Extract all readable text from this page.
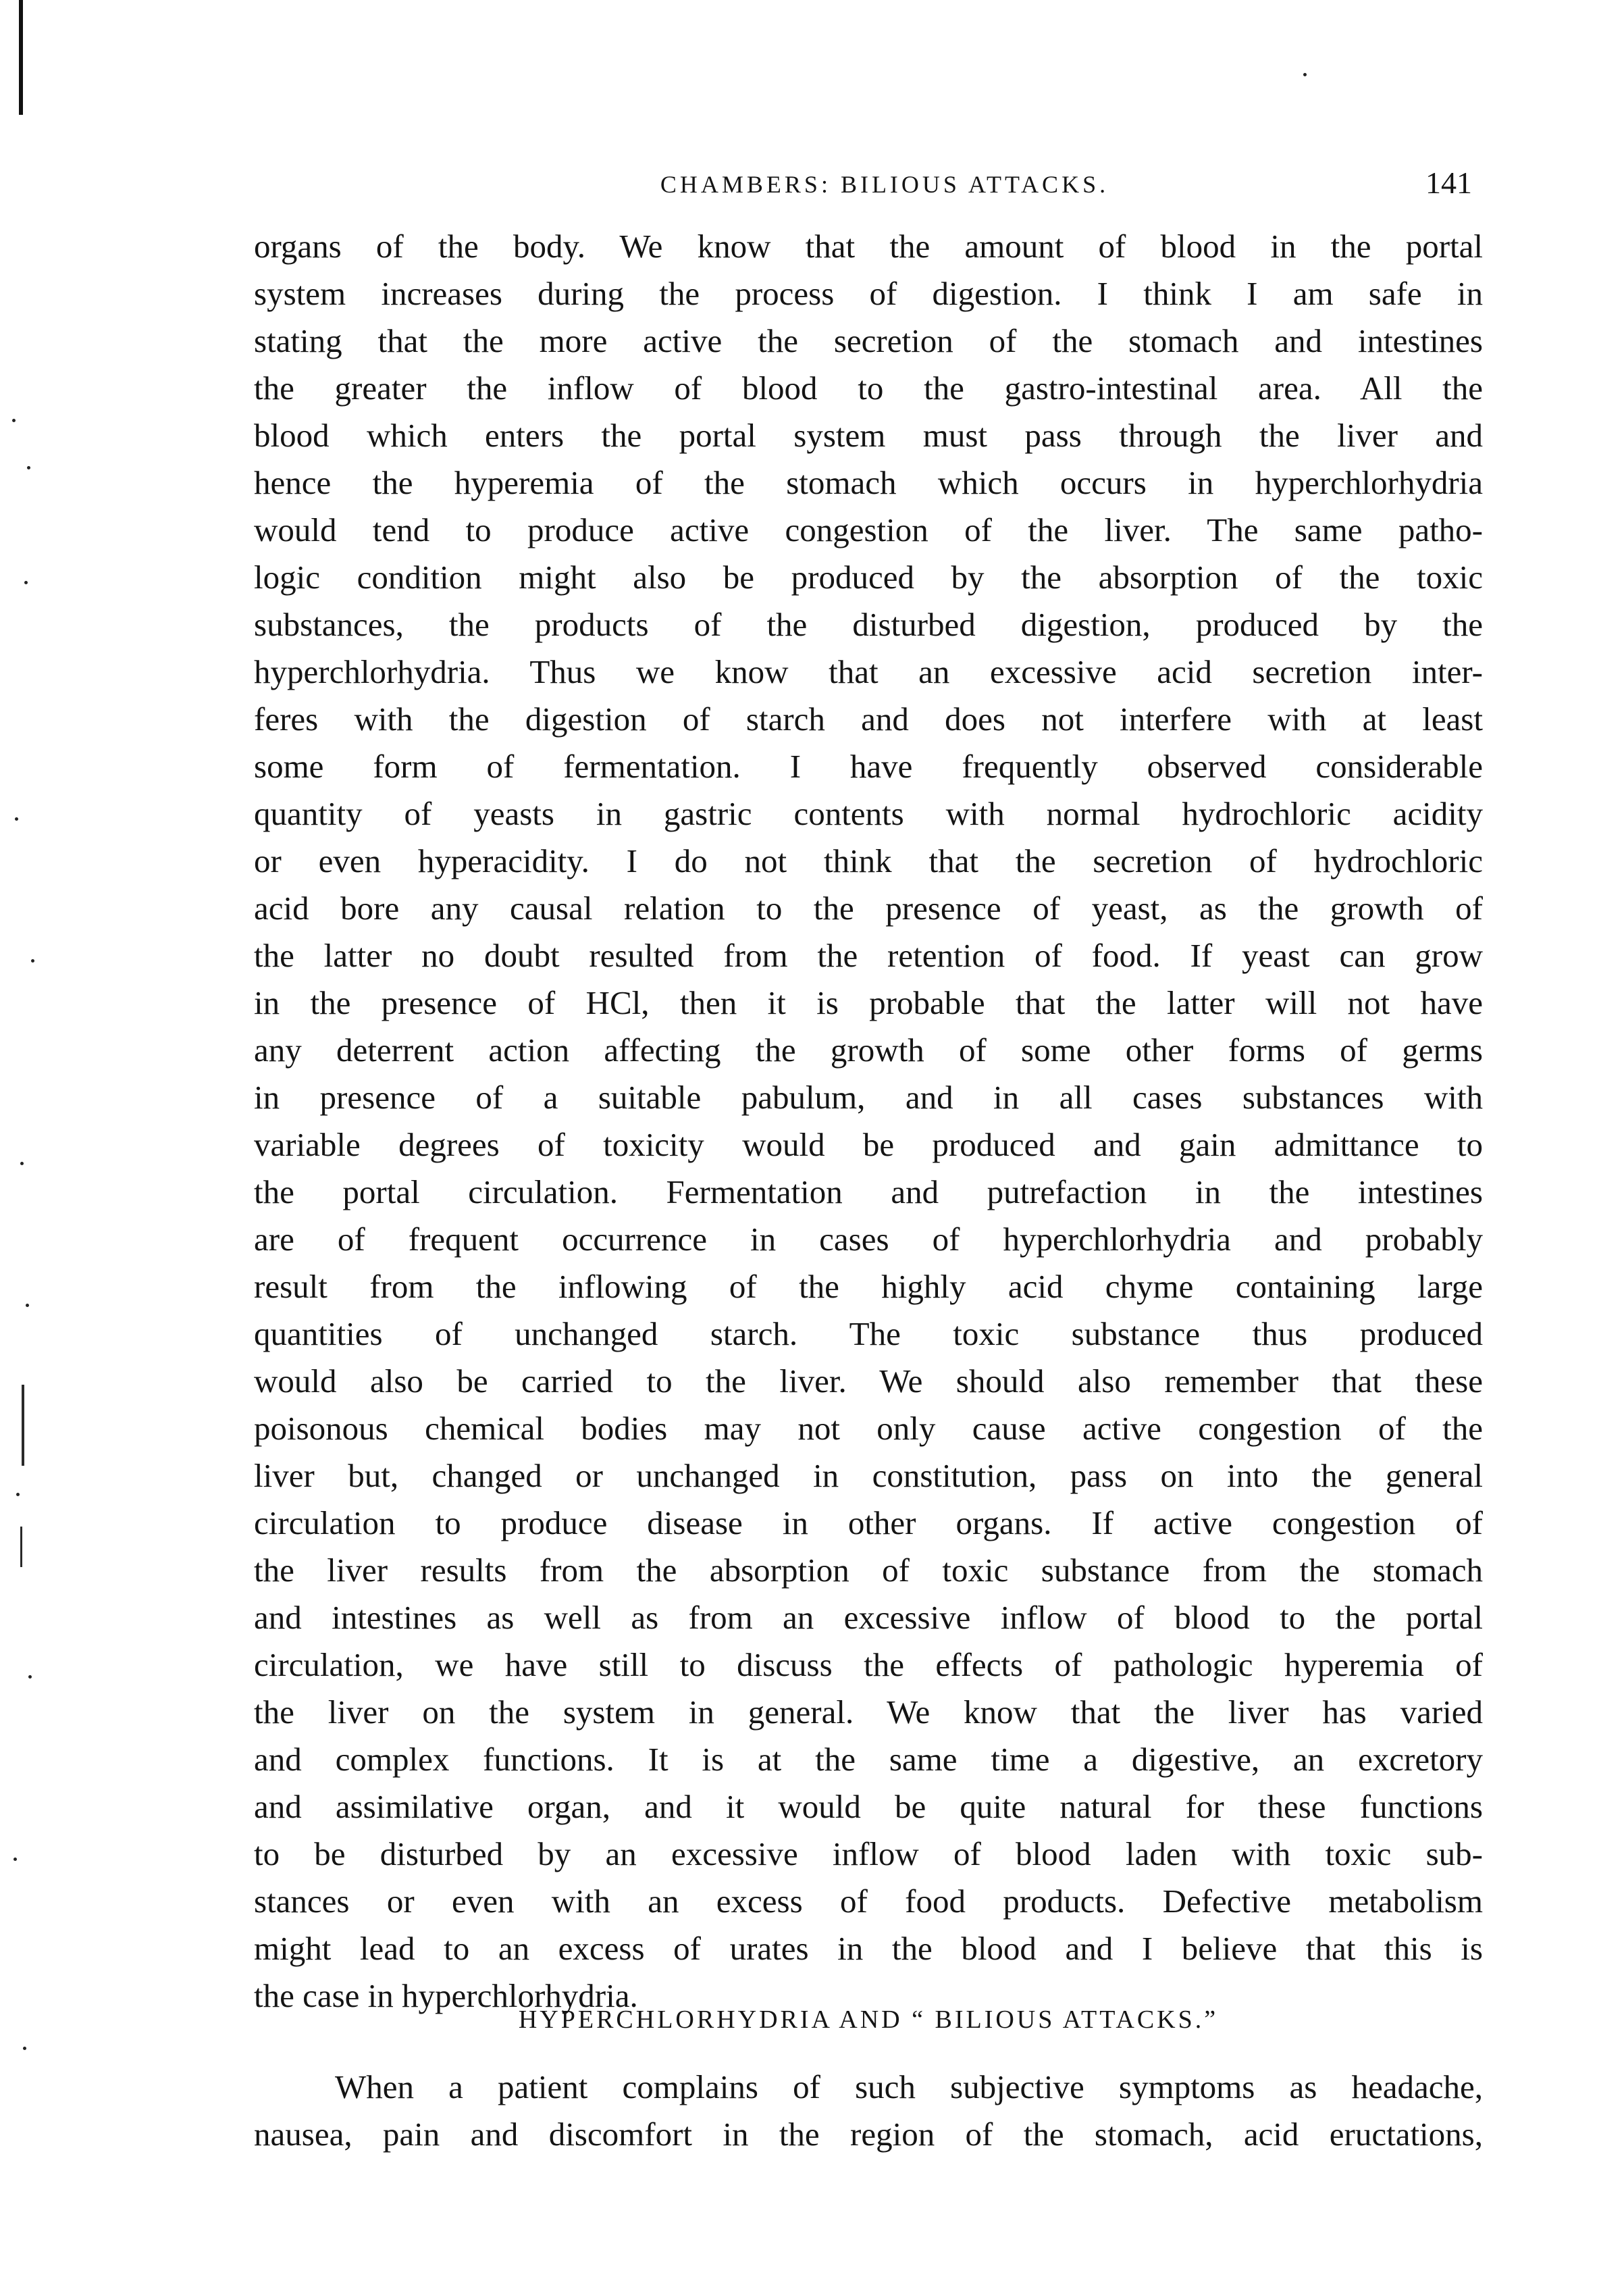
CHAMBERS: BILIOUS ATTACKS.	141
organs of the body. We know that the amount of blood in the portal
system increases during the process of digestion. I think I am safe in
stating that the more active the secretion of the stomach and intestines
the greater the inflow of blood to the gastro-intestinal area. All the
blood which enters the portal system must pass through the liver and
hence the hyperemia of the stomach which occurs in hyperchlorhydria
would tend to produce active congestion of the liver. The same patho-
logic condition might also be produced by the absorption of the toxic
substances, the products of the disturbed digestion, produced by the
hyperchlorhydria. Thus we know that an excessive acid secretion inter-
feres with the digestion of starch and does not interfere with at least
some form of fermentation. I have frequently observed considerable
quantity of yeasts in gastric contents with normal hydrochloric acidity
or even hyperacidity. I do not think that the secretion of hydrochloric
acid bore any causal relation to the presence of yeast, as the growth of
the latter no doubt resulted from the retention of food. If yeast can grow
in the presence of HCl, then it is probable that the latter will not have
any deterrent action affecting the growth of some other forms of germs
in presence of a suitable pabulum, and in all cases substances with
variable degrees of toxicity would be produced and gain admittance to
the portal circulation. Fermentation and putrefaction in the intestines
are of frequent occurrence in cases of hyperchlorhydria and probably
result from the inflowing of the highly acid chyme containing large
quantities of unchanged starch. The toxic substance thus produced
would also be carried to the liver. We should also remember that these
poisonous chemical bodies may not only cause active congestion of the
liver but, changed or unchanged in constitution, pass on into the general
circulation to produce disease in other organs. If active congestion of
the liver results from the absorption of toxic substance from the stomach
and intestines as well as from an excessive inflow of blood to the portal
circulation, we have still to discuss the effects of pathologic hyperemia of
the liver on the system in general. We know that the liver has varied
and complex functions. It is at the same time a digestive, an excretory
and assimilative organ, and it would be quite natural for these functions
to be disturbed by an excessive inflow of blood laden with toxic sub-
stances or even with an excess of food products. Defective metabolism
might lead to an excess of urates in the blood and I believe that this is
the case in hyperchlorhydria.
HYPERCHLORHYDRIA AND “ BILIOUS ATTACKS.”
When a patient complains of such subjective symptoms as headache,
nausea, pain and discomfort in the region of the stomach, acid eructations,
